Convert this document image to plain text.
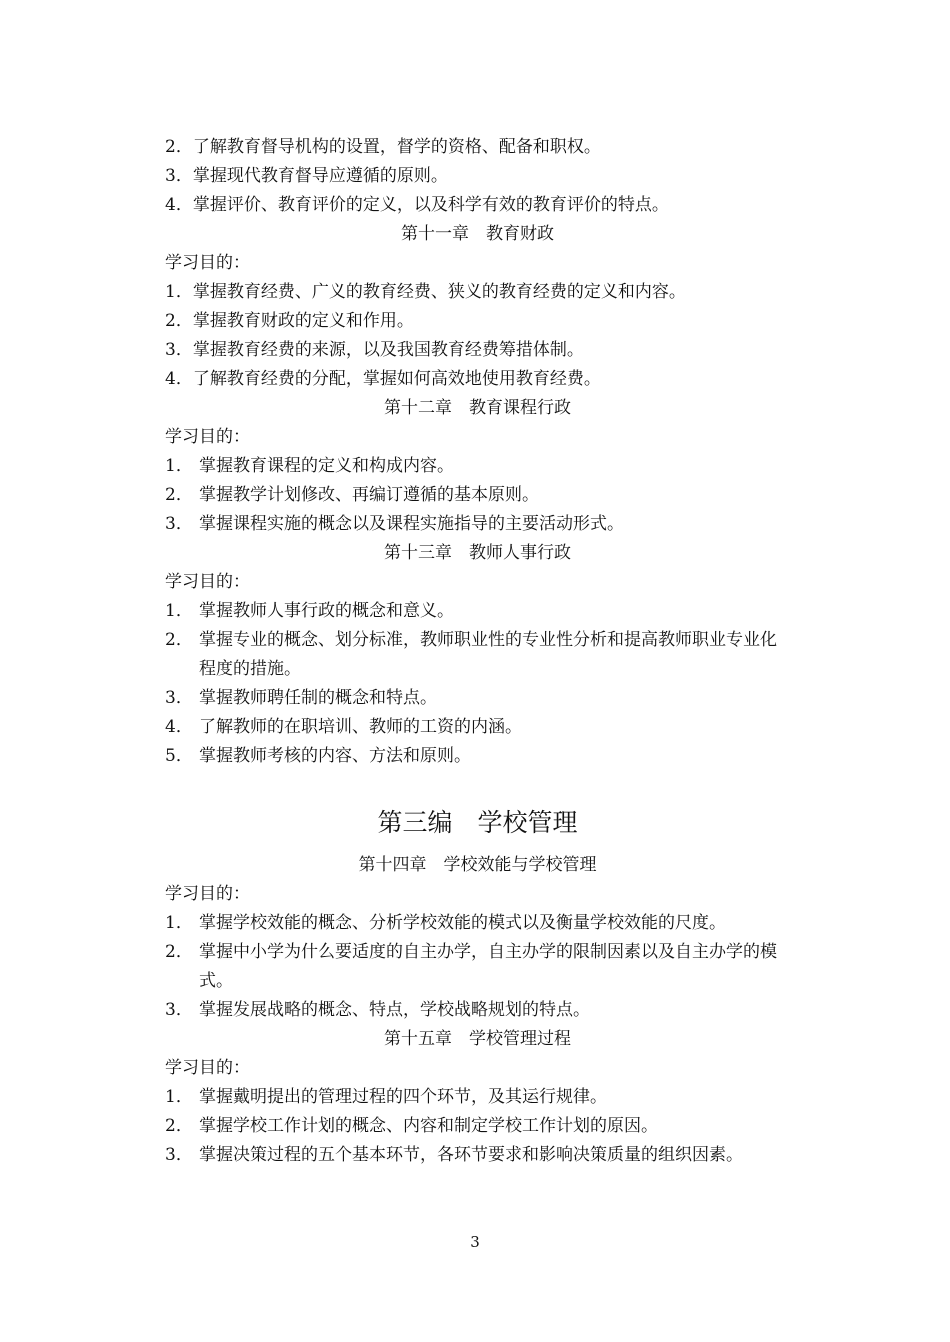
2．了解教育督导机构的设置，督学的资格、配备和职权。
3．掌握现代教育督导应遵循的原则。
4．掌握评价、教育评价的定义，以及科学有效的教育评价的特点。
第十一章　教育财政
学习目的：
1．掌握教育经费、广义的教育经费、狭义的教育经费的定义和内容。
2．掌握教育财政的定义和作用。
3．掌握教育经费的来源，以及我国教育经费筹措体制。
4．了解教育经费的分配，掌握如何高效地使用教育经费。
第十二章　教育课程行政
学习目的：
1． 掌握教育课程的定义和构成内容。
2． 掌握教学计划修改、再编订遵循的基本原则。
3． 掌握课程实施的概念以及课程实施指导的主要活动形式。
第十三章　教师人事行政
学习目的：
1． 掌握教师人事行政的概念和意义。
2． 掌握专业的概念、划分标准，教师职业性的专业性分析和提高教师职业专业化程度的措施。
3． 掌握教师聘任制的概念和特点。
4． 了解教师的在职培训、教师的工资的内涵。
5． 掌握教师考核的内容、方法和原则。
第三编　学校管理
第十四章　学校效能与学校管理
学习目的：
1． 掌握学校效能的概念、分析学校效能的模式以及衡量学校效能的尺度。
2． 掌握中小学为什么要适度的自主办学，自主办学的限制因素以及自主办学的模式。
3． 掌握发展战略的概念、特点，学校战略规划的特点。
第十五章　学校管理过程
学习目的：
1． 掌握戴明提出的管理过程的四个环节，及其运行规律。
2． 掌握学校工作计划的概念、内容和制定学校工作计划的原因。
3． 掌握决策过程的五个基本环节，各环节要求和影响决策质量的组织因素。
3
